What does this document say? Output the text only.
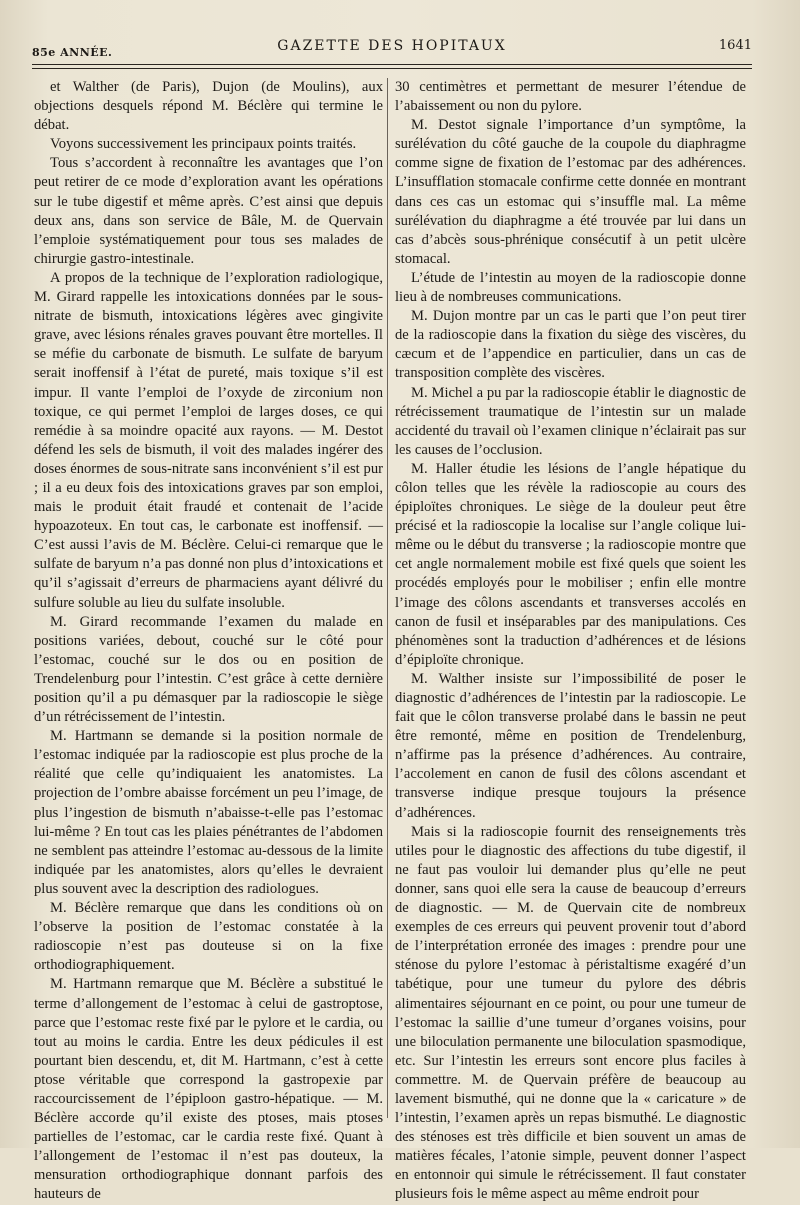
85e ANNÉE.	GAZETTE DES HOPITAUX	1641

et Walther (de Paris), Dujon (de Moulins), aux objections desquels répond M. Béclère qui termine le débat.

Voyons successivement les principaux points traités.

Tous s’accordent à reconnaître les avantages que l’on peut retirer de ce mode d’exploration avant les opérations sur le tube digestif et même après. C’est ainsi que depuis deux ans, dans son service de Bâle, M. de Quervain l’emploie systématiquement pour tous ses malades de chirurgie gastro-intestinale.

A propos de la technique de l’exploration radiologique, M. Girard rappelle les intoxications données par le sous-nitrate de bismuth, intoxications légères avec gingivite grave, avec lésions rénales graves pouvant être mortelles. Il se méfie du carbonate de bismuth. Le sulfate de baryum serait inoffensif à l’état de pureté, mais toxique s’il est impur. Il vante l’emploi de l’oxyde de zirconium non toxique, ce qui permet l’emploi de larges doses, ce qui remédie à sa moindre opacité aux rayons. — M. Destot défend les sels de bismuth, il voit des malades ingérer des doses énormes de sous-nitrate sans inconvénient s’il est pur ; il a eu deux fois des intoxications graves par son emploi, mais le produit était fraudé et contenait de l’acide hypoazoteux. En tout cas, le carbonate est inoffensif. — C’est aussi l’avis de M. Béclère. Celui-ci remarque que le sulfate de baryum n’a pas donné non plus d’intoxications et qu’il s’agissait d’erreurs de pharmaciens ayant délivré du sulfure soluble au lieu du sulfate insoluble.

M. Girard recommande l’examen du malade en positions variées, debout, couché sur le côté pour l’estomac, couché sur le dos ou en position de Trendelenburg pour l’intestin. C’est grâce à cette dernière position qu’il a pu démasquer par la radioscopie le siège d’un rétrécissement de l’intestin.

M. Hartmann se demande si la position normale de l’estomac indiquée par la radioscopie est plus proche de la réalité que celle qu’indiquaient les anatomistes. La projection de l’ombre abaisse forcément un peu l’image, de plus l’ingestion de bismuth n’abaisse-t-elle pas l’estomac lui-même ? En tout cas les plaies pénétrantes de l’abdomen ne semblent pas atteindre l’estomac au-dessous de la limite indiquée par les anatomistes, alors qu’elles le devraient plus souvent avec la description des radiologues.

M. Béclère remarque que dans les conditions où on l’observe la position de l’estomac constatée à la radioscopie n’est pas douteuse si on la fixe orthodiographiquement.

M. Hartmann remarque que M. Béclère a substitué le terme d’allongement de l’estomac à celui de gastroptose, parce que l’estomac reste fixé par le pylore et le cardia, ou tout au moins le cardia. Entre les deux pédicules il est pourtant bien descendu, et, dit M. Hartmann, c’est à cette ptose véritable que correspond la gastropexie par raccourcissement de l’épiploon gastro-hépatique. — M. Béclère accorde qu’il existe des ptoses, mais ptoses partielles de l’estomac, car le cardia reste fixé. Quant à l’allongement de l’estomac il n’est pas douteux, la mensuration orthodiographique donnant parfois des hauteurs de

30 centimètres et permettant de mesurer l’étendue de l’abaissement ou non du pylore.

M. Destot signale l’importance d’un symptôme, la surélévation du côté gauche de la coupole du diaphragme comme signe de fixation de l’estomac par des adhérences. L’insufflation stomacale confirme cette donnée en montrant dans ces cas un estomac qui s’insuffle mal. La même surélévation du diaphragme a été trouvée par lui dans un cas d’abcès sous-phrénique consécutif à un petit ulcère stomacal.

L’étude de l’intestin au moyen de la radioscopie donne lieu à de nombreuses communications.

M. Dujon montre par un cas le parti que l’on peut tirer de la radioscopie dans la fixation du siège des viscères, du cæcum et de l’appendice en particulier, dans un cas de transposition complète des viscères.

M. Michel a pu par la radioscopie établir le diagnostic de rétrécissement traumatique de l’intestin sur un malade accidenté du travail où l’examen clinique n’éclairait pas sur les causes de l’occlusion.

M. Haller étudie les lésions de l’angle hépatique du côlon telles que les révèle la radioscopie au cours des épiploïtes chroniques. Le siège de la douleur peut être précisé et la radioscopie la localise sur l’angle colique lui-même ou le début du transverse ; la radioscopie montre que cet angle normalement mobile est fixé quels que soient les procédés employés pour le mobiliser ; enfin elle montre l’image des côlons ascendants et transverses accolés en canon de fusil et inséparables par des manipulations. Ces phénomènes sont la traduction d’adhérences et de lésions d’épiploïte chronique.

M. Walther insiste sur l’impossibilité de poser le diagnostic d’adhérences de l’intestin par la radioscopie. Le fait que le côlon transverse prolabé dans le bassin ne peut être remonté, même en position de Trendelenburg, n’affirme pas la présence d’adhérences. Au contraire, l’accolement en canon de fusil des côlons ascendant et transverse indique presque toujours la présence d’adhérences.

Mais si la radioscopie fournit des renseignements très utiles pour le diagnostic des affections du tube digestif, il ne faut pas vouloir lui demander plus qu’elle ne peut donner, sans quoi elle sera la cause de beaucoup d’erreurs de diagnostic. — M. de Quervain cite de nombreux exemples de ces erreurs qui peuvent provenir tout d’abord de l’interprétation erronée des images : prendre pour une sténose du pylore l’estomac à péristaltisme exagéré d’un tabétique, pour une tumeur du pylore des débris alimentaires séjournant en ce point, ou pour une tumeur de l’estomac la saillie d’une tumeur d’organes voisins, pour une biloculation permanente une biloculation spasmodique, etc. Sur l’intestin les erreurs sont encore plus faciles à commettre. M. de Quervain préfère de beaucoup au lavement bismuthé, qui ne donne que la « caricature » de l’intestin, l’examen après un repas bismuthé. Le diagnostic des sténoses est très difficile et bien souvent un amas de matières fécales, l’atonie simple, peuvent donner l’aspect en entonnoir qui simule le rétrécissement. Il faut constater plusieurs fois le même aspect au même endroit pour
